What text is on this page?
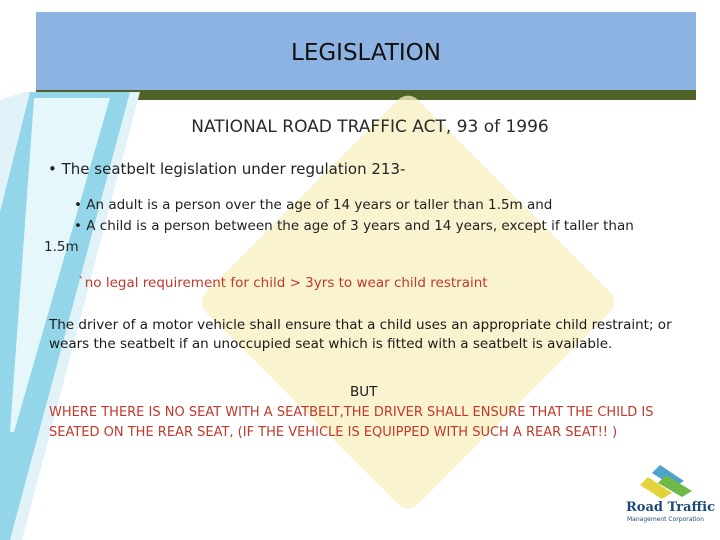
LEGISLATION
NATIONAL ROAD TRAFFIC ACT, 93 of 1996
• The seatbelt legislation under regulation 213-
• An adult is a person over the age of 14 years or taller than 1.5m and
• A child is a person between the age of 3 years and 14 years, except if taller than
1.5m
`no legal requirement for child > 3yrs to wear child restraint
The driver of a motor vehicle shall ensure that a child uses an appropriate child restraint; or wears the seatbelt if an unoccupied seat which is fitted with a seatbelt is available.
BUT
WHERE THERE IS NO SEAT WITH A SEATBELT,THE DRIVER SHALL ENSURE THAT THE CHILD IS SEATED ON THE REAR SEAT, (IF THE VEHICLE IS EQUIPPED WITH SUCH A REAR SEAT!! )
Road Traffic
Management Corporation
